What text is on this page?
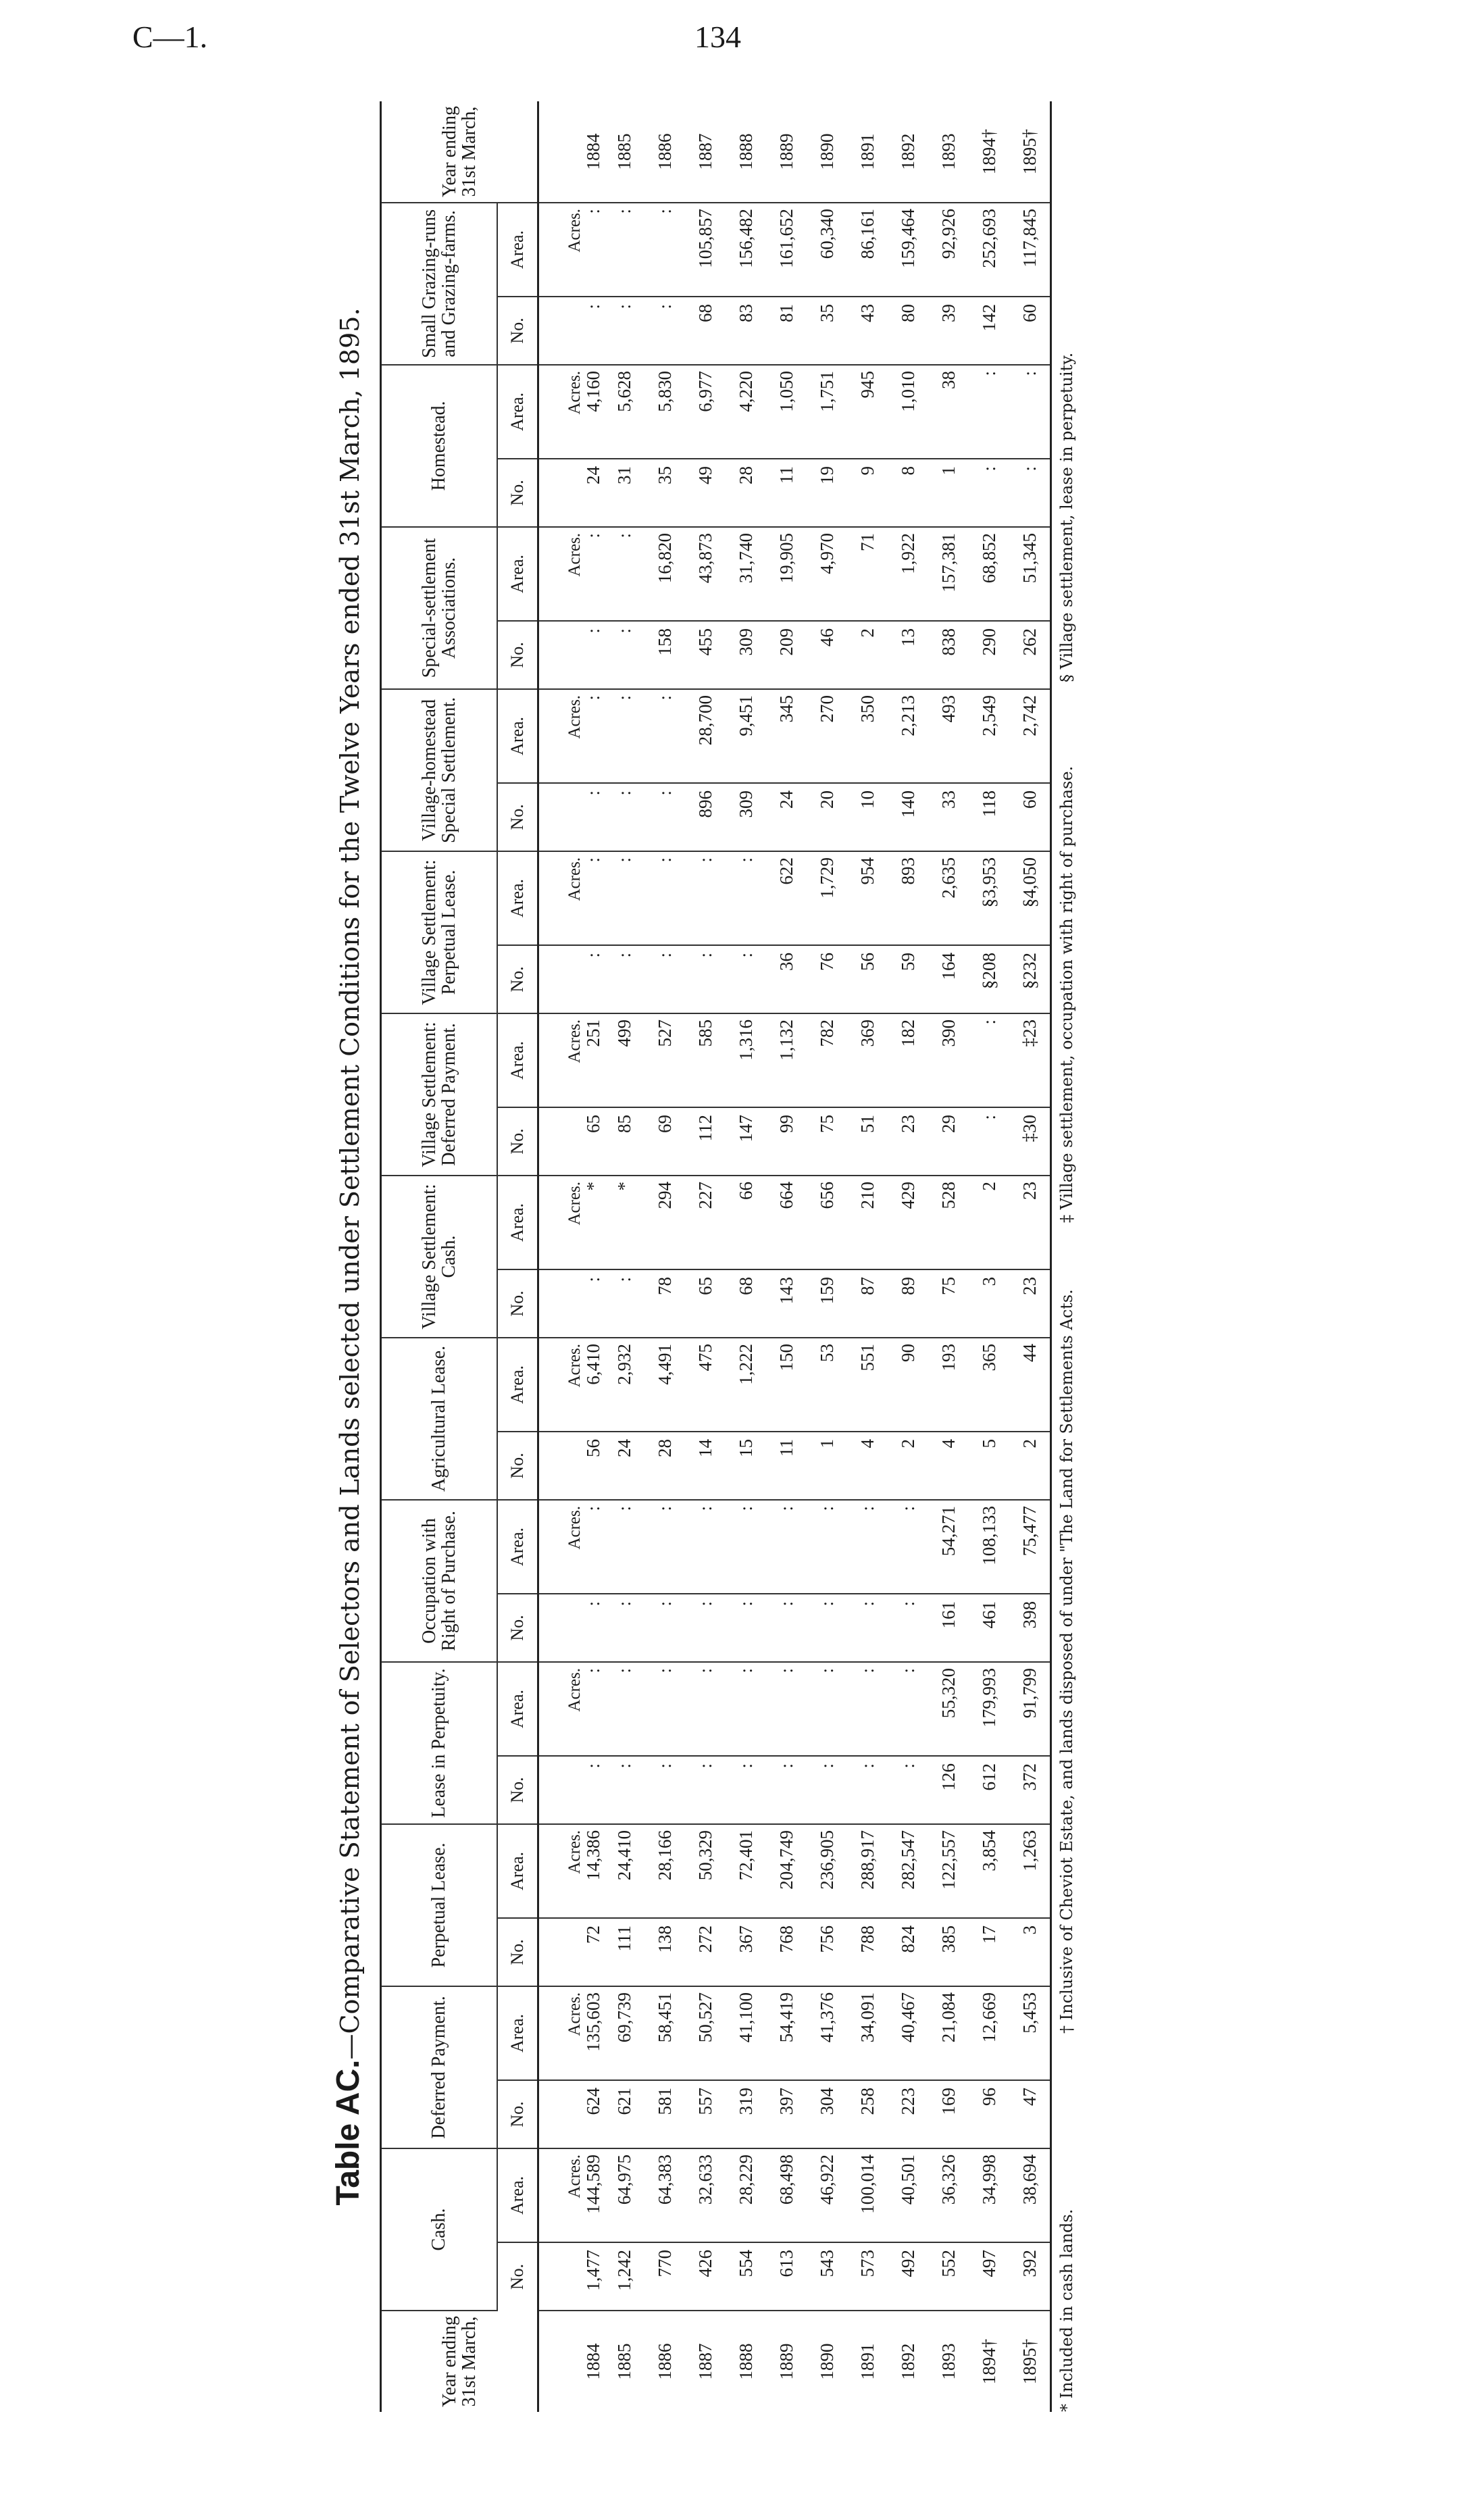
C—1.	134
Table AC.—Comparative Statement of Selectors and Lands selected under Settlement Conditions for the Twelve Years ended 31st March, 1895.
Year ending 31st March,	Cash.		Deferred Payment.		Perpetual Lease.		Lease in Perpetuity.		Occupation with Right of Purchase.		Agricultural Lease.		Village Settlement: Cash.		Village Settlement: Deferred Payment.		Village Settlement: Perpetual Lease.		Village-homestead Special Settlement.		Special-settlement Associations.		Homestead.		Small Grazing-runs and Grazing-farms.		Year ending 31st March,
	No.	Area.	No.	Area.	No.	Area.	No.	Area.	No.	Area.	No.	Area.	No.	Area.	No.	Area.	No.	Area.	No.	Area.	No.	Area.	No.	Area.	No.	Area.	
1884	1,477	Acres. 144,589	624	Acres. 135,603	72	Acres. 14,386	:	Acres. :	:	Acres. :	56	Acres. 6,410	:	Acres. *	65	Acres. 251	:	Acres. :	:	Acres. :	:	Acres. :	24	Acres. 4,160	:	Acres. :	1884
1885	1,242	64,975	621	69,739	111	24,410	:	:	:	:	24	2,932	:	*	85	499	:	:	:	:	:	:	31	5,628	:	:	1885
1886	770	64,383	581	58,451	138	28,166	:	:	:	:	28	4,491	78	294	69	527	:	:	:	:	158	16,820	35	5,830	:	:	1886
1887	426	32,633	557	50,527	272	50,329	:	:	:	:	14	475	65	227	112	585	:	:	896	28,700	455	43,873	49	6,977	68	105,857	1887
1888	554	28,229	319	41,100	367	72,401	:	:	:	:	15	1,222	68	66	147	1,316	:	:	309	9,451	309	31,740	28	4,220	83	156,482	1888
1889	613	68,498	397	54,419	768	204,749	:	:	:	:	11	150	143	664	99	1,132	36	622	24	345	209	19,905	11	1,050	81	161,652	1889
1890	543	46,922	304	41,376	756	236,905	:	:	:	:	1	53	159	656	75	782	76	1,729	20	270	46	4,970	19	1,751	35	60,340	1890
1891	573	100,014	258	34,091	788	288,917	:	:	:	:	4	551	87	210	51	369	56	954	10	350	2	71	9	945	43	86,161	1891
1892	492	40,501	223	40,467	824	282,547	:	:	:	:	2	90	89	429	23	182	59	893	140	2,213	13	1,922	8	1,010	80	159,464	1892
1893	552	36,326	169	21,084	385	122,557	126	55,320	161	54,271	4	193	75	528	29	390	164	2,635	33	493	838	157,381	1	38	39	92,926	1893
1894†	497	34,998	96	12,669	17	3,854	612	179,993	461	108,133	5	365	3	2	:	:	§208	§3,953	118	2,549	290	68,852	:	:	142	252,693	1894†
1895†	392	38,694	47	5,453	3	1,263	372	91,799	398	75,477	2	44	23	23	‡30	‡23	§232	§4,050	60	2,742	262	51,345	:	:	60	117,845	1895†
* Included in cash lands.
† Inclusive of Cheviot Estate, and lands disposed of under "The Land for Settlements Acts.
‡ Village settlement, occupation with right of purchase.
§ Village settlement, lease in perpetuity.
